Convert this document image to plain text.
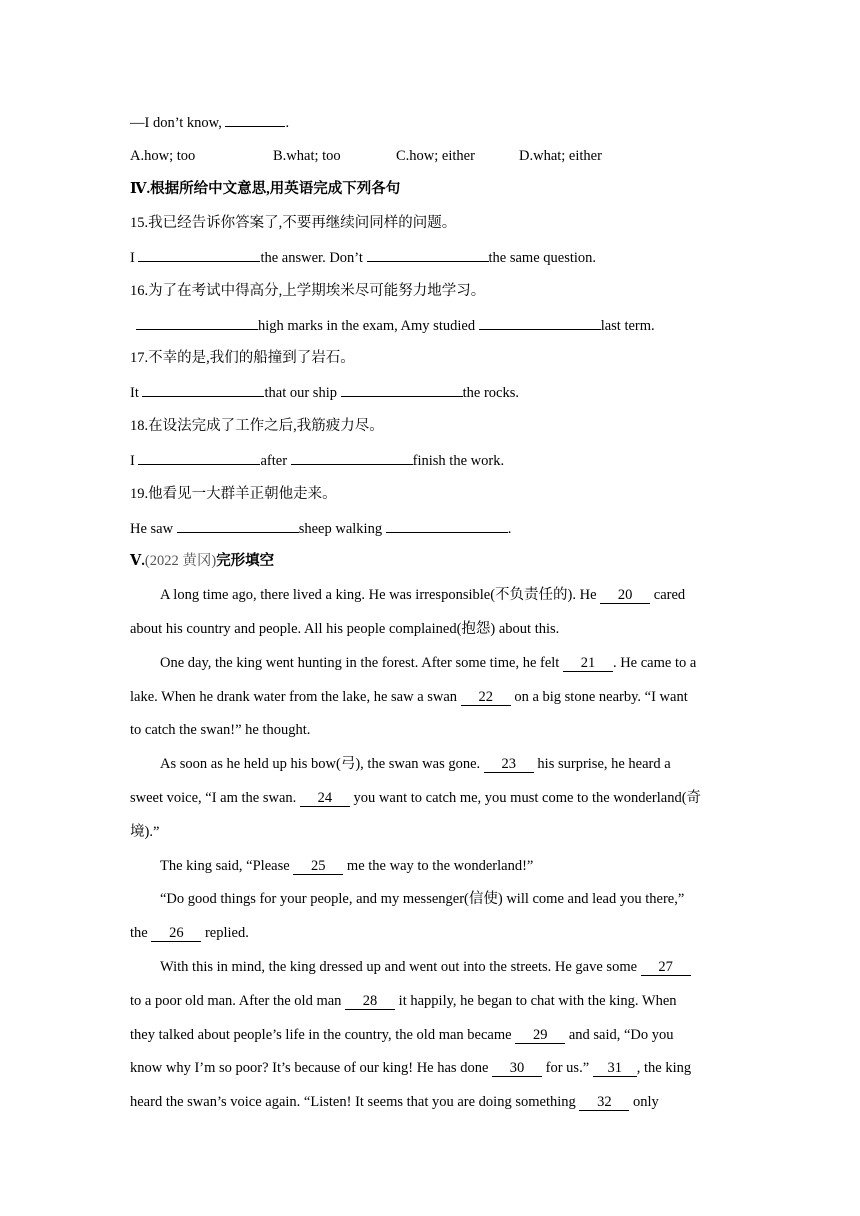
—I don’t know,	.
A.how; too	B.what; too	C.how; either	D.what; either
Ⅳ.根据所给中文意思,用英语完成下列各句
15.我已经告诉你答案了,不要再继续问同样的问题。
I	the answer. Don’t	the same question.
16.为了在考试中得高分,上学期埃米尽可能努力地学习。
high marks in the exam, Amy studied	last term.
17.不幸的是,我们的船撞到了岩石。
It	that our ship	the rocks.
18.在设法完成了工作之后,我筋疲力尽。
I	after	finish the work.
19.他看见一大群羊正朝他走来。
He saw	sheep walking	.
Ⅴ.(2022 黄冈)完形填空
A long time ago, there lived a king. He was irresponsible(不负责任的). He 20 cared
about his country and people. All his people complained(抱怨) about this.
One day, the king went hunting in the forest. After some time, he felt 21 . He came to a
lake. When he drank water from the lake, he saw a swan 22 on a big stone nearby. “I want
to catch the swan!” he thought.
As soon as he held up his bow(弓), the swan was gone. 23 his surprise, he heard a
sweet voice, “I am the swan. 24 you want to catch me, you must come to the wonderland(奇
境).”
The king said, “Please 25 me the way to the wonderland!”
“Do good things for your people, and my messenger(信使) will come and lead you there,”
the 26 replied.
With this in mind, the king dressed up and went out into the streets. He gave some 27
to a poor old man. After the old man 28 it happily, he began to chat with the king. When
they talked about people’s life in the country, the old man became 29 and said, “Do you
know why I’m so poor? It’s because of our king! He has done 30 for us.” 31 , the king
heard the swan’s voice again. “Listen! It seems that you are doing something 32 only
